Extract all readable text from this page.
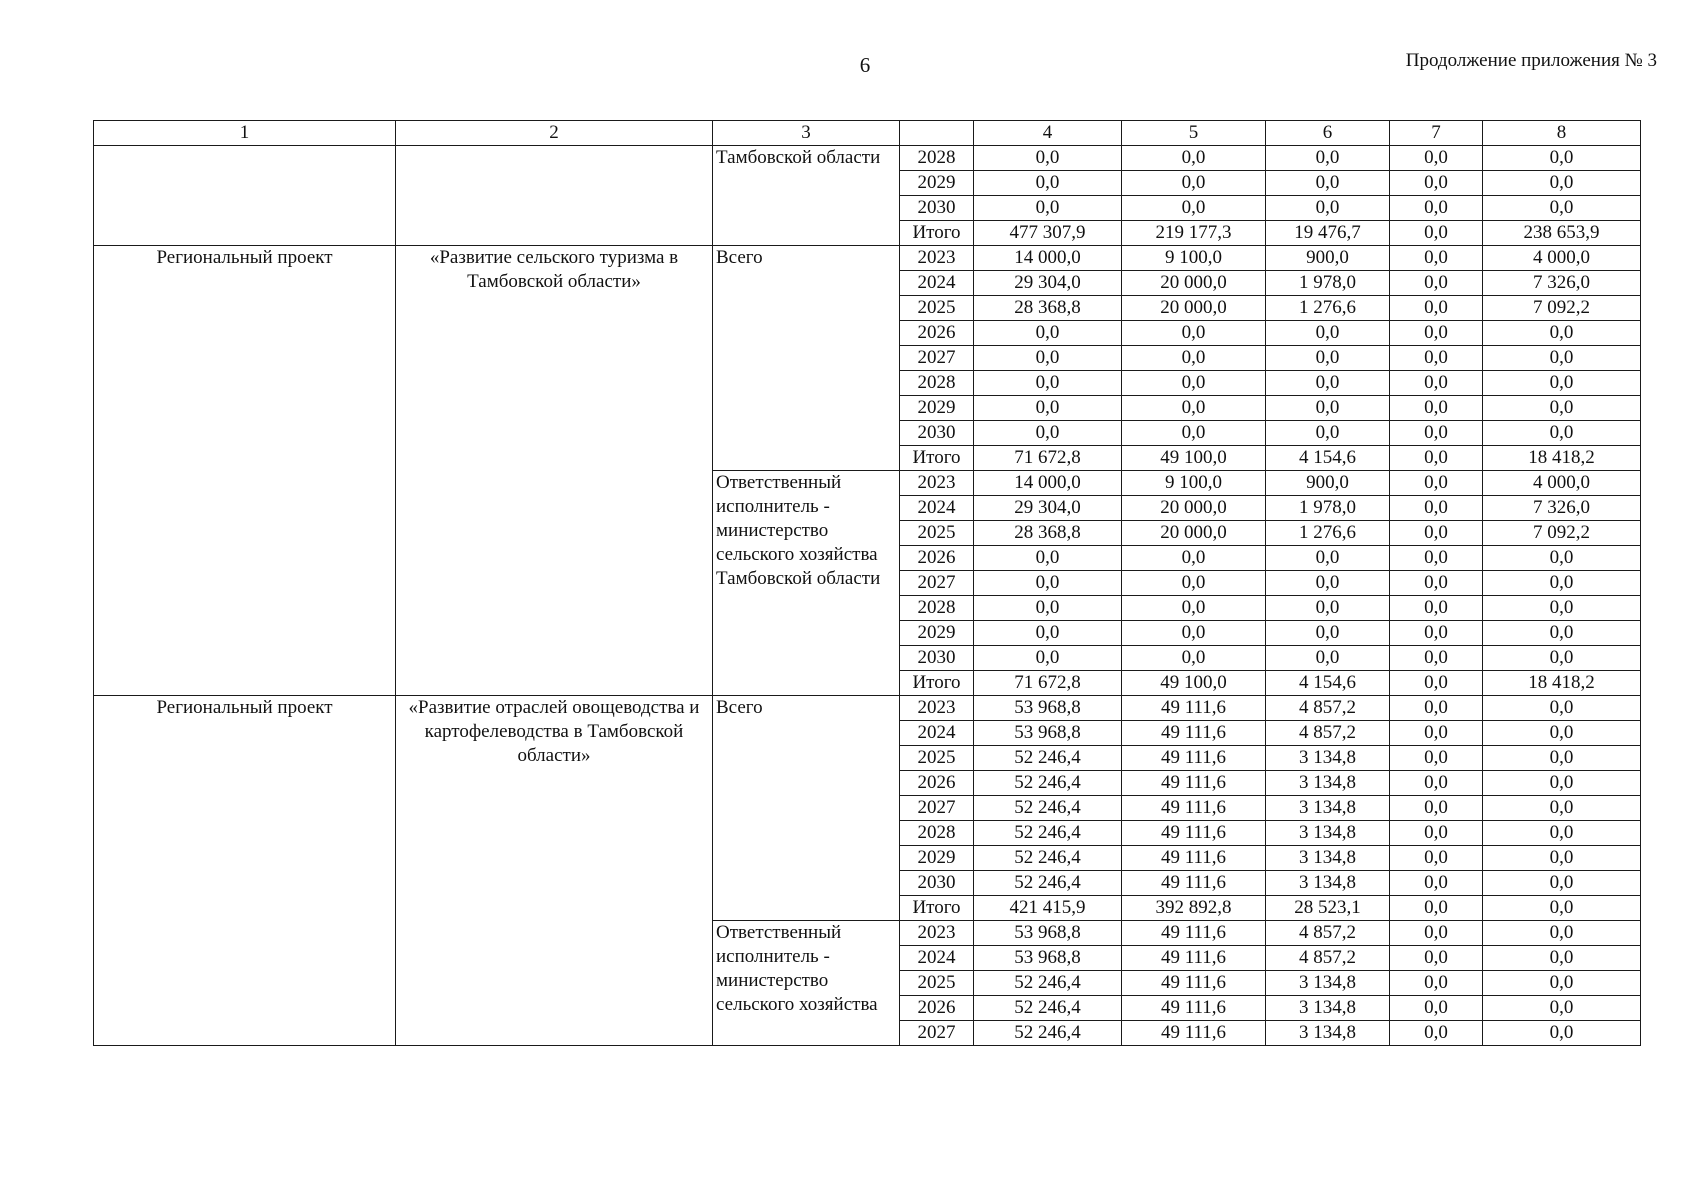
6	Продолжение приложения № 3
1	2	3		4	5	6	7	8
		Тамбовской области	2028	0,0	0,0	0,0	0,0	0,0
			2029	0,0	0,0	0,0	0,0	0,0
			2030	0,0	0,0	0,0	0,0	0,0
			Итого	477 307,9	219 177,3	19 476,7	0,0	238 653,9
Региональный проект	«Развитие сельского туризма в Тамбовской области»	Всего	2023	14 000,0	9 100,0	900,0	0,0	4 000,0
			2024	29 304,0	20 000,0	1 978,0	0,0	7 326,0
			2025	28 368,8	20 000,0	1 276,6	0,0	7 092,2
			2026	0,0	0,0	0,0	0,0	0,0
			2027	0,0	0,0	0,0	0,0	0,0
			2028	0,0	0,0	0,0	0,0	0,0
			2029	0,0	0,0	0,0	0,0	0,0
			2030	0,0	0,0	0,0	0,0	0,0
			Итого	71 672,8	49 100,0	4 154,6	0,0	18 418,2
		Ответственный исполнитель - министерство сельского хозяйства Тамбовской области	2023	14 000,0	9 100,0	900,0	0,0	4 000,0
			2024	29 304,0	20 000,0	1 978,0	0,0	7 326,0
			2025	28 368,8	20 000,0	1 276,6	0,0	7 092,2
			2026	0,0	0,0	0,0	0,0	0,0
			2027	0,0	0,0	0,0	0,0	0,0
			2028	0,0	0,0	0,0	0,0	0,0
			2029	0,0	0,0	0,0	0,0	0,0
			2030	0,0	0,0	0,0	0,0	0,0
			Итого	71 672,8	49 100,0	4 154,6	0,0	18 418,2
Региональный проект	«Развитие отраслей овощеводства и картофелеводства в Тамбовской области»	Всего	2023	53 968,8	49 111,6	4 857,2	0,0	0,0
			2024	53 968,8	49 111,6	4 857,2	0,0	0,0
			2025	52 246,4	49 111,6	3 134,8	0,0	0,0
			2026	52 246,4	49 111,6	3 134,8	0,0	0,0
			2027	52 246,4	49 111,6	3 134,8	0,0	0,0
			2028	52 246,4	49 111,6	3 134,8	0,0	0,0
			2029	52 246,4	49 111,6	3 134,8	0,0	0,0
			2030	52 246,4	49 111,6	3 134,8	0,0	0,0
			Итого	421 415,9	392 892,8	28 523,1	0,0	0,0
		Ответственный исполнитель - министерство сельского хозяйства	2023	53 968,8	49 111,6	4 857,2	0,0	0,0
			2024	53 968,8	49 111,6	4 857,2	0,0	0,0
			2025	52 246,4	49 111,6	3 134,8	0,0	0,0
			2026	52 246,4	49 111,6	3 134,8	0,0	0,0
			2027	52 246,4	49 111,6	3 134,8	0,0	0,0
